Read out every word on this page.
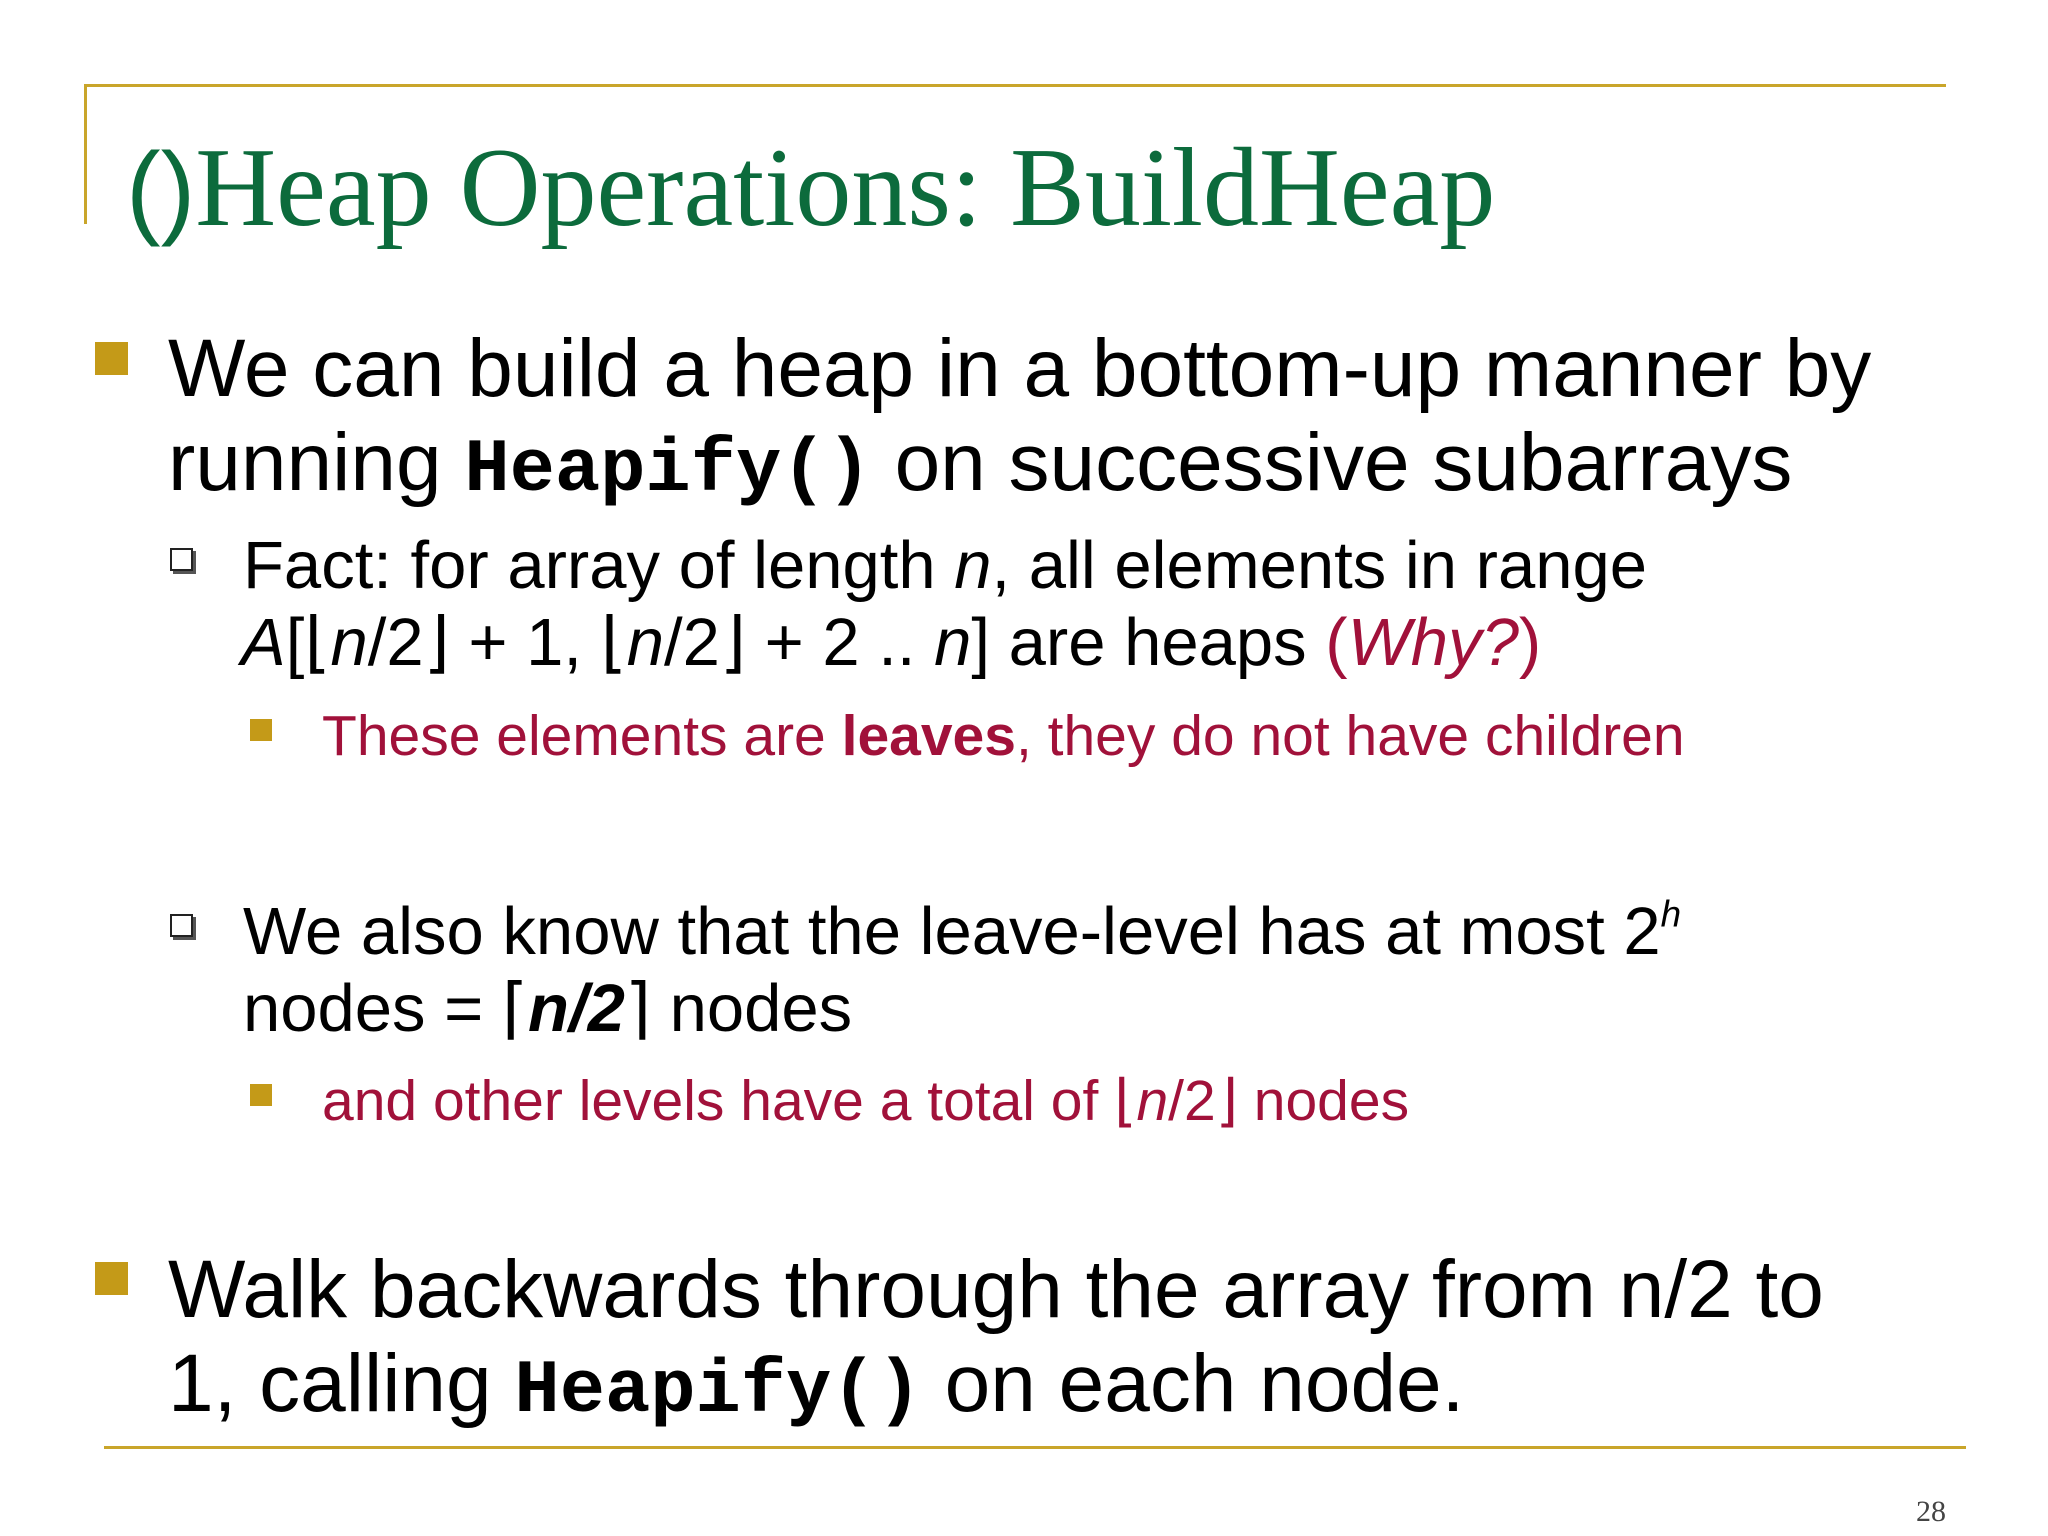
()Heap Operations: BuildHeap
We can build a heap in a bottom-up manner by
running Heapify() on successive subarrays
Fact: for array of length n, all elements in range
A[⌊n/2⌋ + 1, ⌊n/2⌋ + 2 .. n] are heaps (Why?)
These elements are leaves, they do not have children
We also know that the leave-level has at most 2$^h$
nodes = ⌈n/2⌉ nodes
and other levels have a total of ⌊n/2⌋ nodes
Walk backwards through the array from n/2 to
1, calling Heapify() on each node.
28
